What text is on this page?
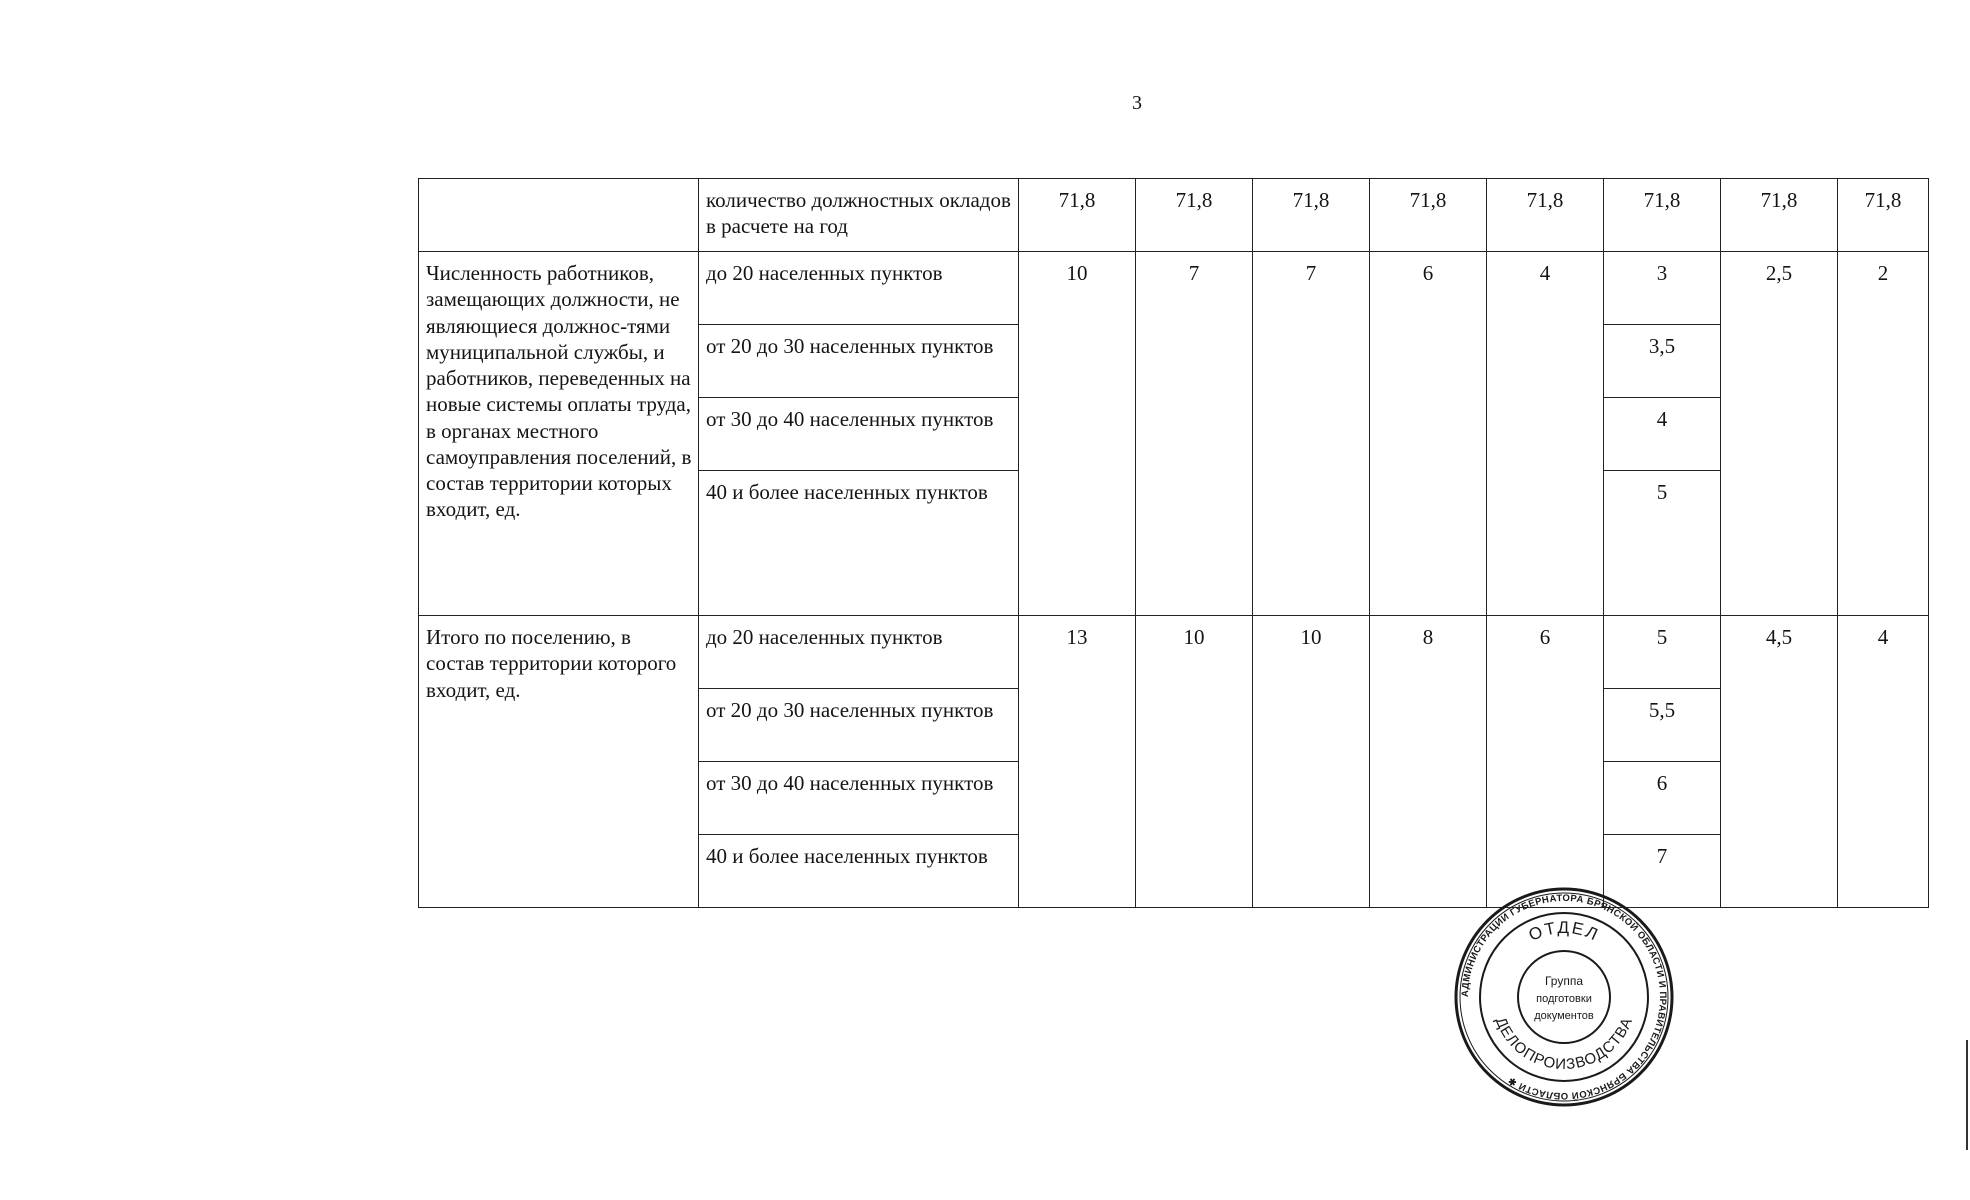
3
	количество должностных окладов в расчете на год	71,8	71,8	71,8	71,8	71,8	71,8	71,8	71,8
Численность работников, замещающих должности, не являющиеся должнос-тями муниципальной службы, и работников, переведенных на новые системы оплаты труда, в органах местного самоуправления поселений, в состав территории которых входит, ед.	до 20 населенных пунктов	10	7	7	6	4	3	2,5	2
	от 20 до 30 населенных пунктов						3,5		
	от 30 до 40 населенных пунктов						4		
	40 и более населенных пунктов						5		
Итого по поселению, в состав территории которого входит, ед.	до 20 населенных пунктов	13	10	10	8	6	5	4,5	4
	от 20 до 30 населенных пунктов						5,5		
	от 30 до 40 населенных пунктов						6		
	40 и более населенных пунктов						7		
АДМИНИСТРАЦИИ ГУБЕРНАТОРА БРЯНСКОЙ ОБЛАСТИ И ПРАВИТЕЛЬСТВА БРЯНСКОЙ ОБЛАСТИ ✱
ОТДЕЛ
ДЕЛОПРОИЗВОДСТВА
Группа
подготовки
документов
